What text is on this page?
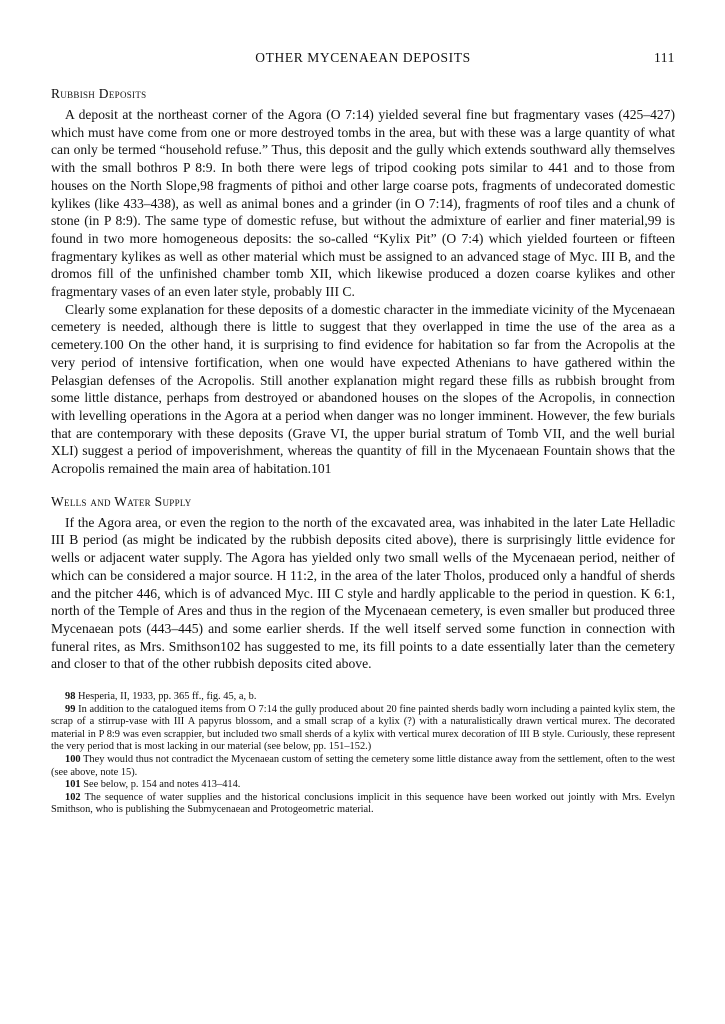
OTHER MYCENAEAN DEPOSITS	111
Rubbish Deposits

A deposit at the northeast corner of the Agora (O 7:14) yielded several fine but fragmentary vases (425–427) which must have come from one or more destroyed tombs in the area, but with these was a large quantity of what can only be termed “household refuse.” Thus, this deposit and the gully which extends southward ally themselves with the small bothros P 8:9. In both there were legs of tripod cooking pots similar to 441 and to those from houses on the North Slope,98 fragments of pithoi and other large coarse pots, fragments of undecorated domestic kylikes (like 433–438), as well as animal bones and a grinder (in O 7:14), fragments of roof tiles and a chunk of stone (in P 8:9). The same type of domestic refuse, but without the admixture of earlier and finer material,99 is found in two more homogeneous deposits: the so-called “Kylix Pit” (O 7:4) which yielded fourteen or fifteen fragmentary kylikes as well as other material which must be assigned to an advanced stage of Myc. III B, and the dromos fill of the unfinished chamber tomb XII, which likewise produced a dozen coarse kylikes and other fragmentary vases of an even later style, probably III C.

Clearly some explanation for these deposits of a domestic character in the immediate vicinity of the Mycenaean cemetery is needed, although there is little to suggest that they overlapped in time the use of the area as a cemetery.100 On the other hand, it is surprising to find evidence for habitation so far from the Acropolis at the very period of intensive fortification, when one would have expected Athenians to have gathered within the Pelasgian defenses of the Acropolis. Still another explanation might regard these fills as rubbish brought from some little distance, perhaps from destroyed or abandoned houses on the slopes of the Acropolis, in connection with levelling operations in the Agora at a period when danger was no longer imminent. However, the few burials that are contemporary with these deposits (Grave VI, the upper burial stratum of Tomb VII, and the well burial XLI) suggest a period of impoverishment, whereas the quantity of fill in the Mycenaean Fountain shows that the Acropolis remained the main area of habitation.101

Wells and Water Supply

If the Agora area, or even the region to the north of the excavated area, was inhabited in the later Late Helladic III B period (as might be indicated by the rubbish deposits cited above), there is surprisingly little evidence for wells or adjacent water supply. The Agora has yielded only two small wells of the Mycenaean period, neither of which can be considered a major source. H 11:2, in the area of the later Tholos, produced only a handful of sherds and the pitcher 446, which is of advanced Myc. III C style and hardly applicable to the period in question. K 6:1, north of the Temple of Ares and thus in the region of the Mycenaean cemetery, is even smaller but produced three Mycenaean pots (443–445) and some earlier sherds. If the well itself served some function in connection with funeral rites, as Mrs. Smithson102 has suggested to me, its fill points to a date essentially later than the cemetery and closer to that of the other rubbish deposits cited above.

98 Hesperia, II, 1933, pp. 365 ff., fig. 45, a, b.

99 In addition to the catalogued items from O 7:14 the gully produced about 20 fine painted sherds badly worn including a painted kylix stem, the scrap of a stirrup-vase with III A papyrus blossom, and a small scrap of a kylix (?) with a naturalistically drawn vertical murex. The decorated material in P 8:9 was even scrappier, but included two small sherds of a kylix with vertical murex decoration of III B style. Curiously, these represent the very period that is most lacking in our material (see below, pp. 151–152.)

100 They would thus not contradict the Mycenaean custom of setting the cemetery some little distance away from the settlement, often to the west (see above, note 15).

101 See below, p. 154 and notes 413–414.

102 The sequence of water supplies and the historical conclusions implicit in this sequence have been worked out jointly with Mrs. Evelyn Smithson, who is publishing the Submycenaean and Protogeometric material.
